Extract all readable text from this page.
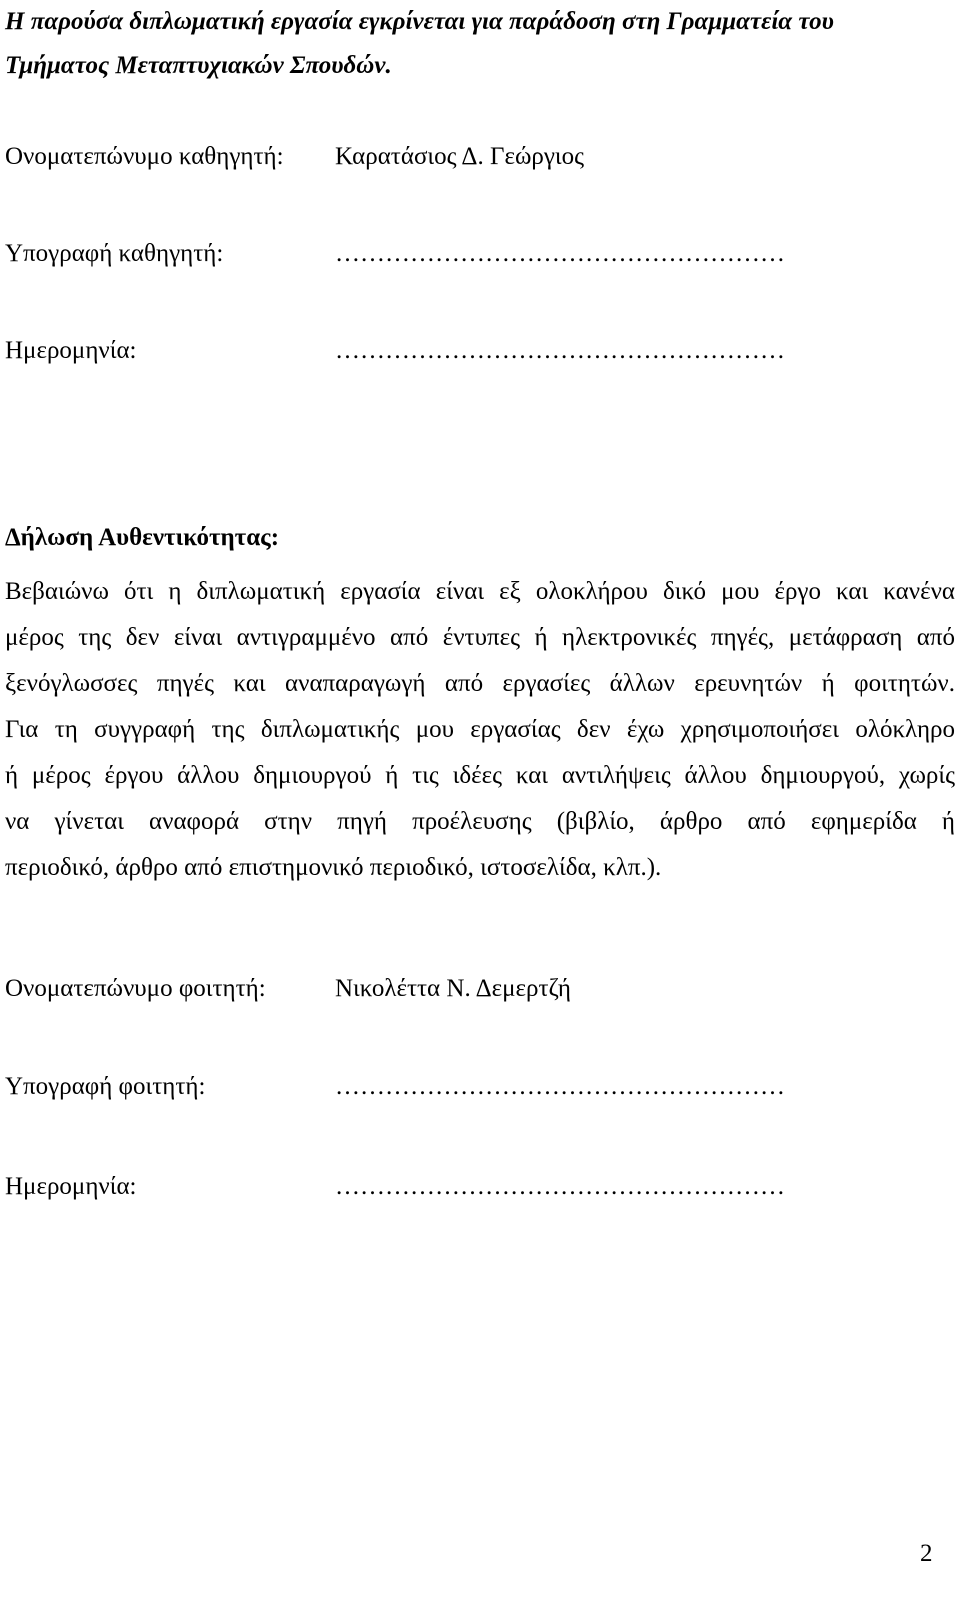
Η παρούσα διπλωματική εργασία εγκρίνεται για παράδοση στη Γραμματεία του
Τμήματος Μεταπτυχιακών Σπουδών.
Ονοματεπώνυμο καθηγητή: Καρατάσιος Δ. Γεώργιος
Υπογραφή καθηγητή:	………………………………………………
Ημερομηνία:	………………………………………………
Δήλωση Αυθεντικότητας:
Βεβαιώνω ότι η διπλωματική εργασία είναι εξ ολοκλήρου δικό μου έργο και κανένα
μέρος της δεν είναι αντιγραμμένο από έντυπες ή ηλεκτρονικές πηγές, μετάφραση από
ξενόγλωσσες πηγές και αναπαραγωγή από εργασίες άλλων ερευνητών ή φοιτητών.
Για τη συγγραφή της διπλωματικής μου εργασίας δεν έχω χρησιμοποιήσει ολόκληρο
ή μέρος έργου άλλου δημιουργού ή τις ιδέες και αντιλήψεις άλλου δημιουργού, χωρίς
να γίνεται αναφορά στην πηγή προέλευσης (βιβλίο, άρθρο από εφημερίδα ή
περιοδικό, άρθρο από επιστημονικό περιοδικό, ιστοσελίδα, κλπ.).
Ονοματεπώνυμο φοιτητή:	Νικολέττα Ν. Δεμερτζή
Υπογραφή φοιτητή:	………………………………………………
Ημερομηνία:	………………………………………………
2
